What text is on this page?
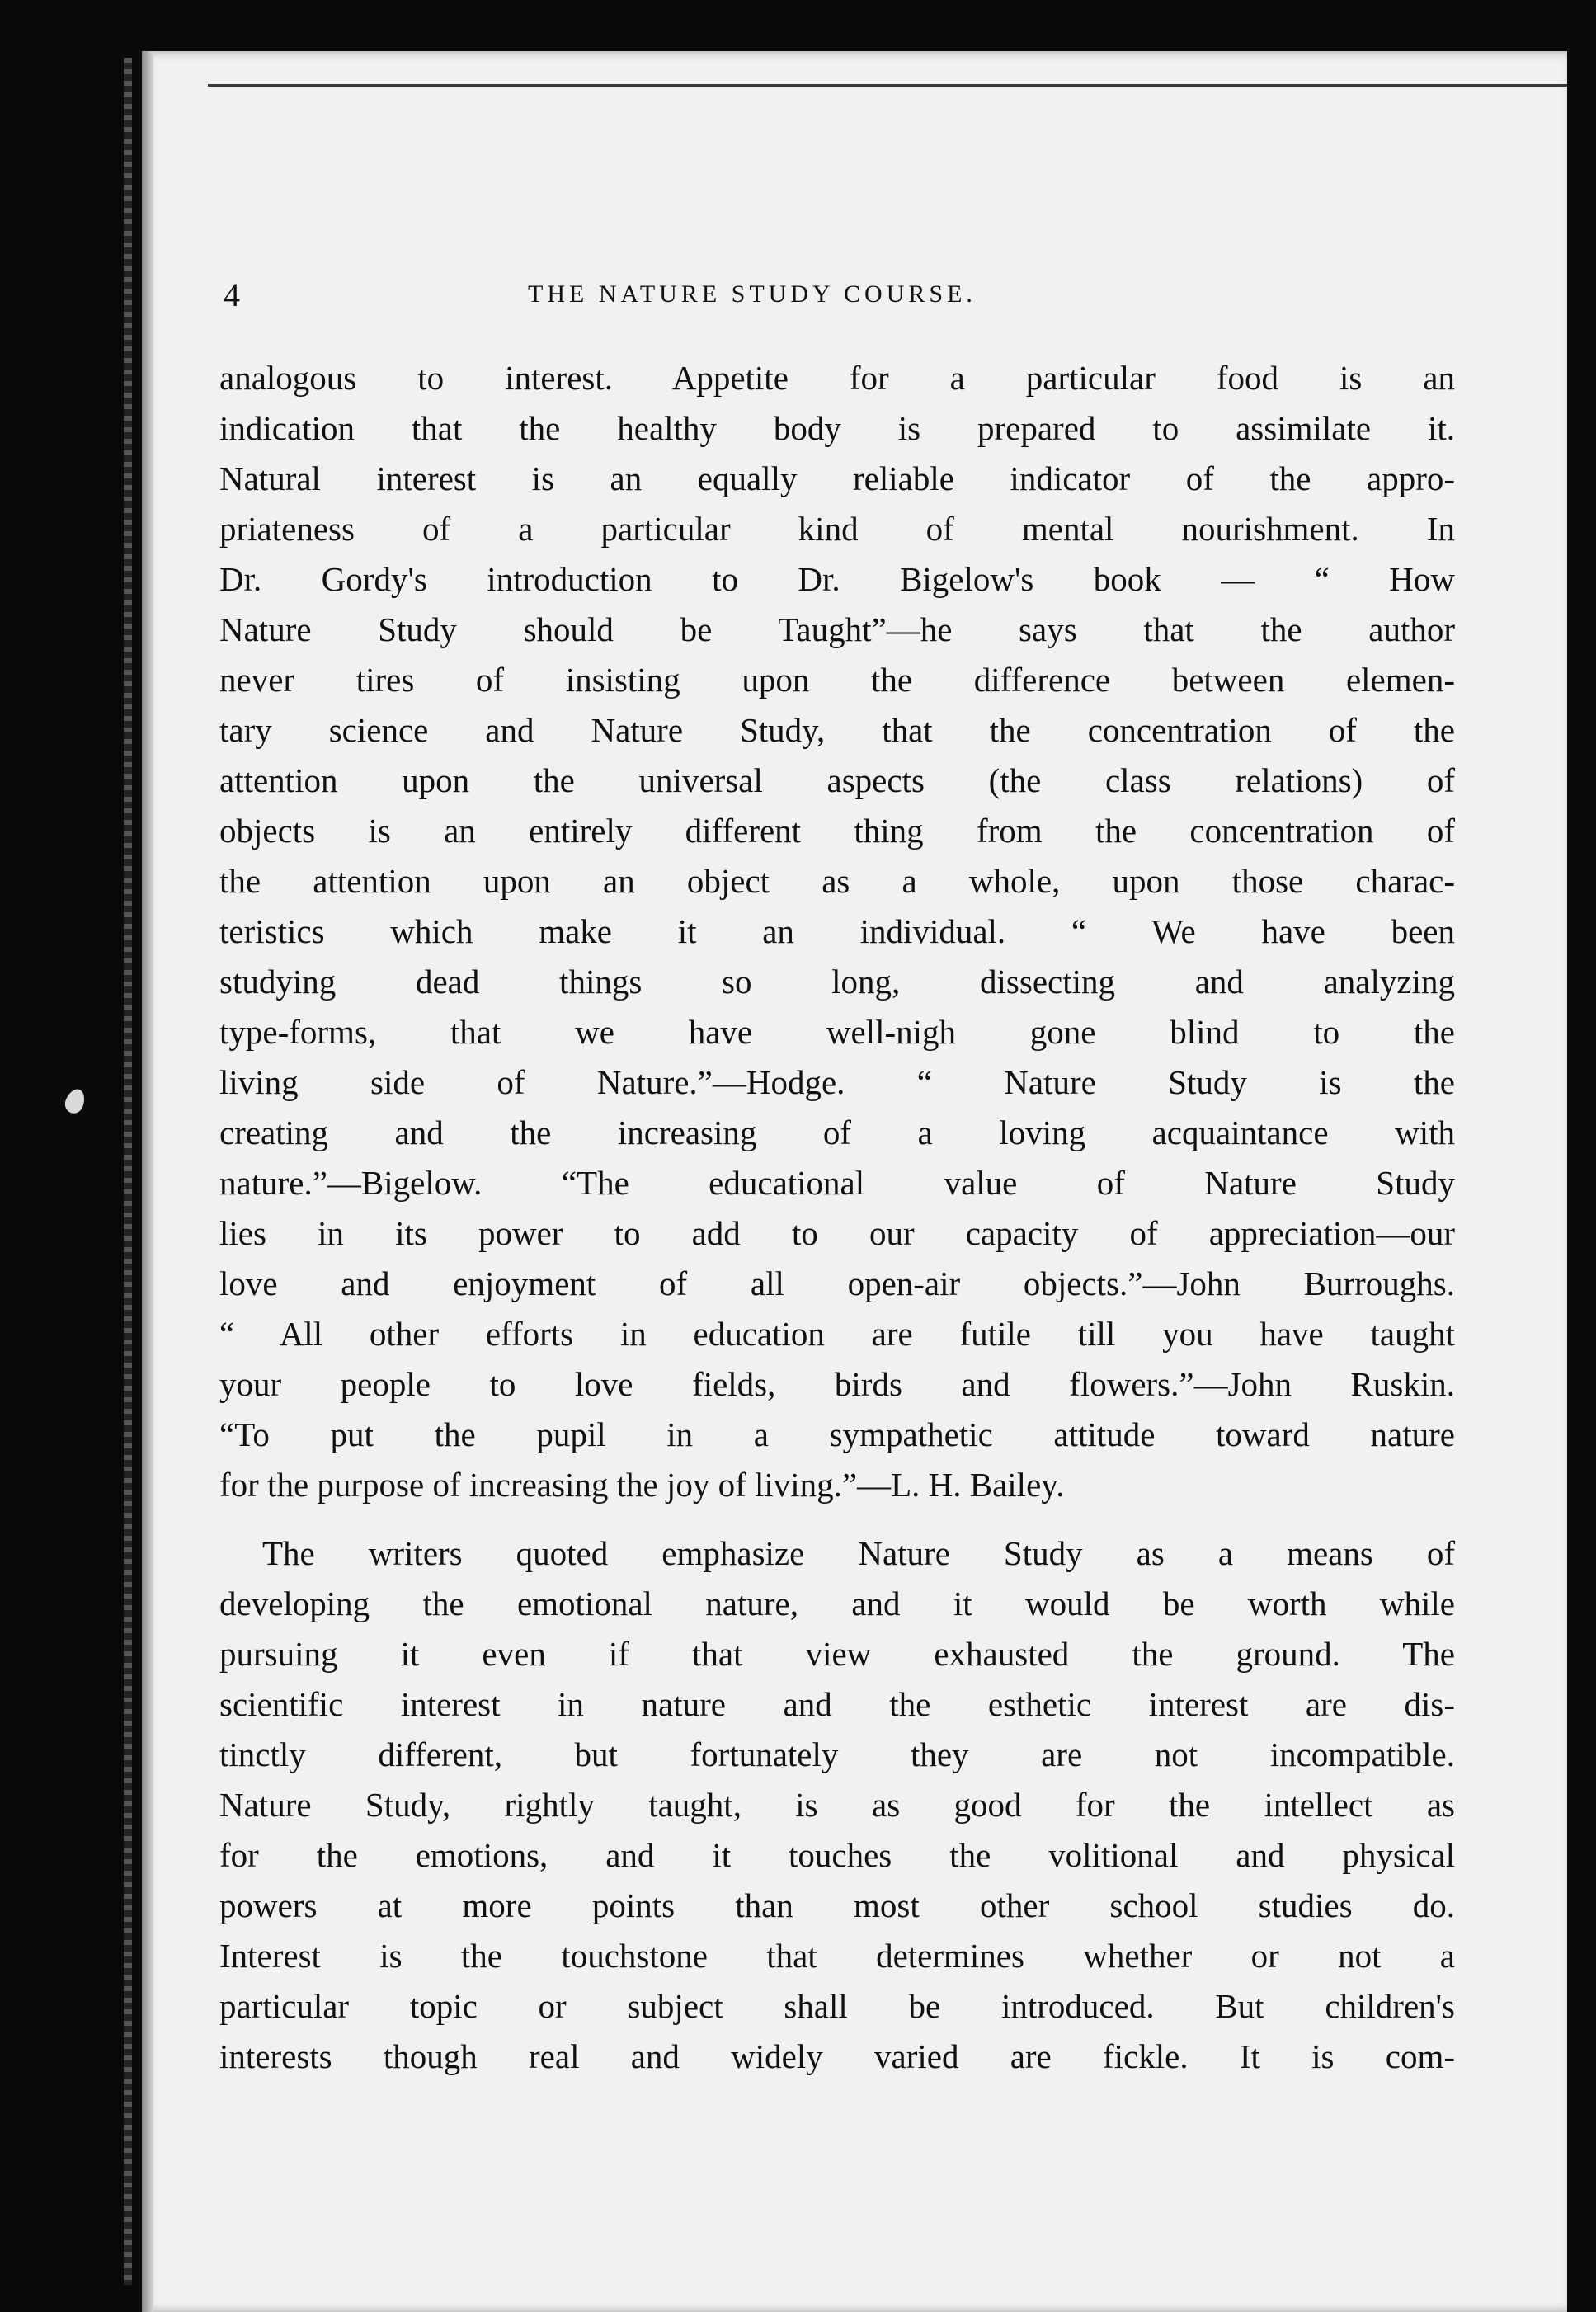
4	THE NATURE STUDY COURSE.
analogous to interest. Appetite for a particular food is an
indication that the healthy body is prepared to assimilate it.
Natural interest is an equally reliable indicator of the appro-
priateness of a particular kind of mental nourishment. In
Dr. Gordy's introduction to Dr. Bigelow's book — “ How
Nature Study should be Taught”—he says that the author
never tires of insisting upon the difference between elemen-
tary science and Nature Study, that the concentration of the
attention upon the universal aspects (the class relations) of
objects is an entirely different thing from the concentration of
the attention upon an object as a whole, upon those charac-
teristics which make it an individual. “ We have been
studying dead things so long, dissecting and analyzing
type-forms, that we have well-nigh gone blind to the
living side of Nature.”—Hodge. “ Nature Study is the
creating and the increasing of a loving acquaintance with
nature.”—Bigelow. “The educational value of Nature Study
lies in its power to add to our capacity of appreciation—our
love and enjoyment of all open-air objects.”—John Burroughs.
“ All other efforts in education are futile till you have taught
your people to love fields, birds and flowers.”—John Ruskin.
“To put the pupil in a sympathetic attitude toward nature
for the purpose of increasing the joy of living.”—L. H. Bailey.
The writers quoted emphasize Nature Study as a means of
developing the emotional nature, and it would be worth while
pursuing it even if that view exhausted the ground. The
scientific interest in nature and the esthetic interest are dis-
tinctly different, but fortunately they are not incompatible.
Nature Study, rightly taught, is as good for the intellect as
for the emotions, and it touches the volitional and physical
powers at more points than most other school studies do.
Interest is the touchstone that determines whether or not a
particular topic or subject shall be introduced. But children's
interests though real and widely varied are fickle. It is com-
